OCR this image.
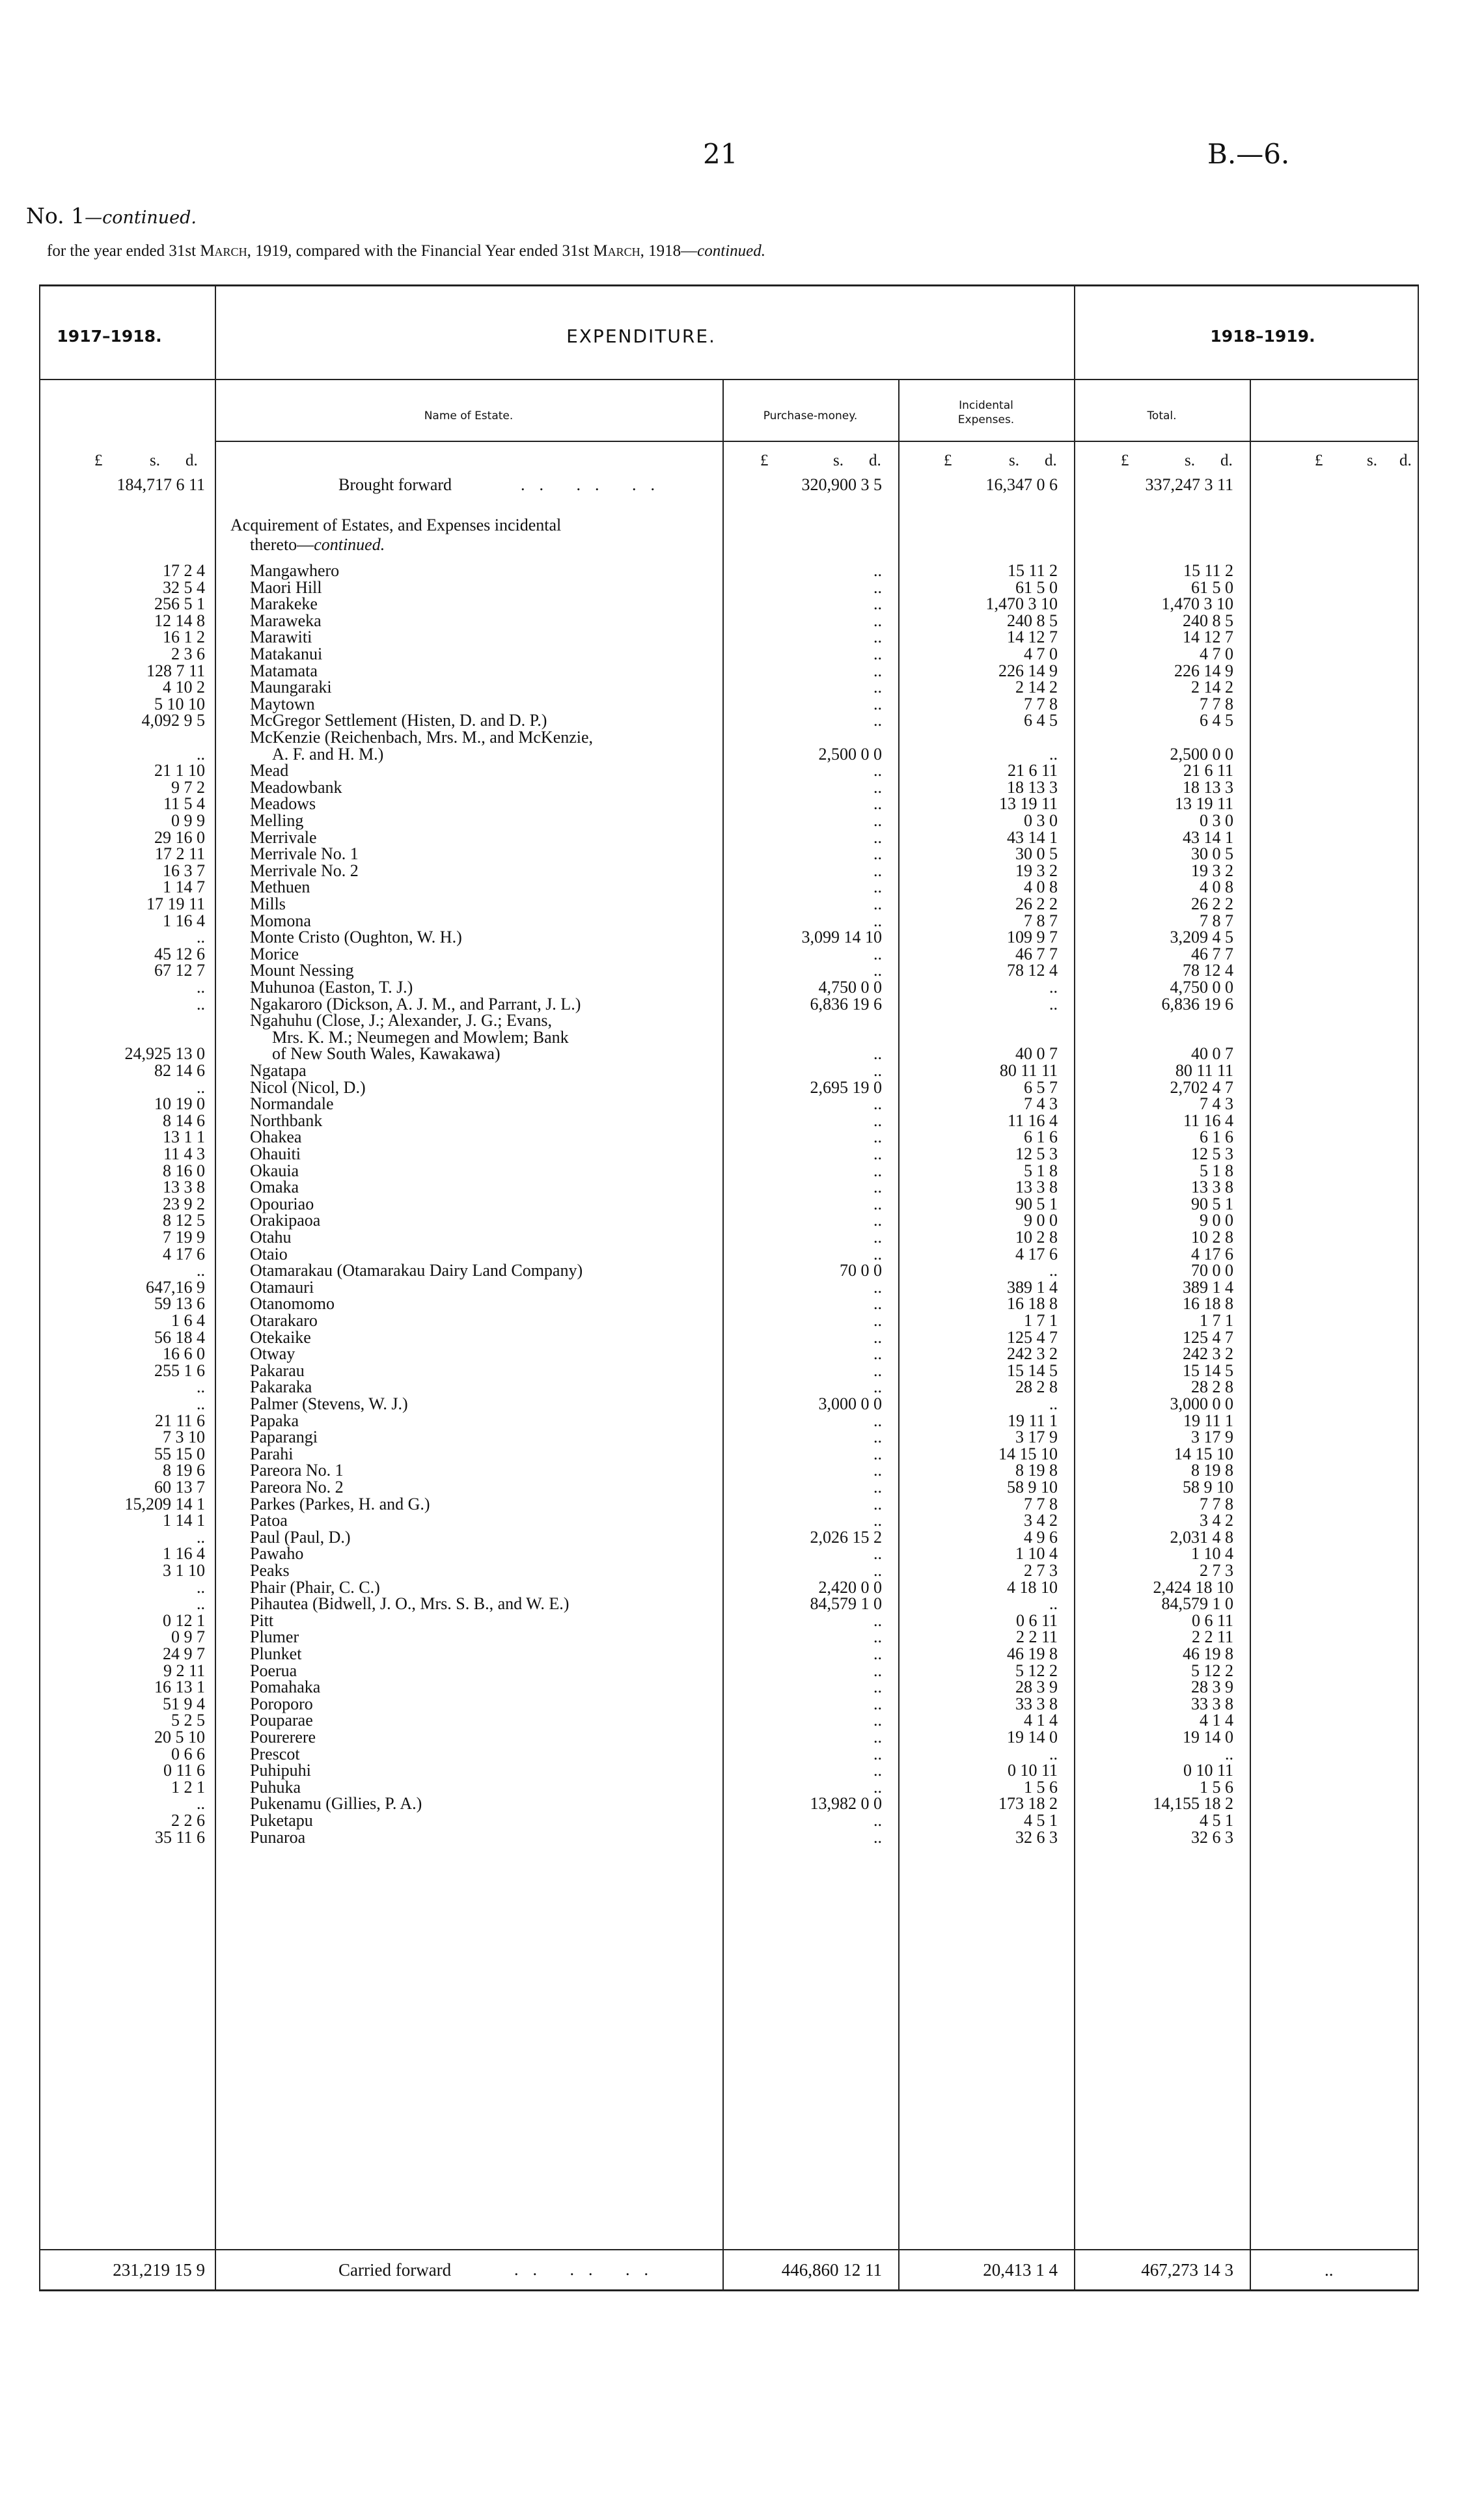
21	B.—6.
No. 1—continued.
for the year ended 31st March, 1919, compared with the Financial Year ended 31st March, 1918—continued.
1917–1918.	EXPENDITURE.	1918–1919.
Name of Estate.	Purchase-money.
Incidental
Expenses.	Total.
£	s. d.	£	s. d.	£	s. d.	£	s. d.	£	s. d.
184,717 6 11	Brought forward	.. .. ..	320,900 3 5	16,347 0 6	337,247 3 11
Acquirement of Estates, and Expenses incidental
thereto—continued.
17 2 4	Mangawhero	..	15 11 2	15 11 2
32 5 4	Maori Hill	..	61 5 0	61 5 0
256 5 1	Marakeke	..	1,470 3 10	1,470 3 10
12 14 8	Maraweka	..	240 8 5	240 8 5
16 1 2	Marawiti	..	14 12 7	14 12 7
2 3 6	Matakanui	..	4 7 0	4 7 0
128 7 11	Matamata	..	226 14 9	226 14 9
4 10 2	Maungaraki	..	2 14 2	2 14 2
5 10 10	Maytown	..	7 7 8	7 7 8
4,092 9 5	McGregor Settlement (Histen, D. and D. P.)	..	6 4 5	6 4 5
McKenzie (Reichenbach, Mrs. M., and McKenzie,
..	A. F. and H. M.)	2,500 0 0	..	2,500 0 0
21 1 10	Mead	..	21 6 11	21 6 11
9 7 2	Meadowbank	..	18 13 3	18 13 3
11 5 4	Meadows	..	13 19 11	13 19 11
0 9 9	Melling	..	0 3 0	0 3 0
29 16 0	Merrivale	..	43 14 1	43 14 1
17 2 11	Merrivale No. 1	..	30 0 5	30 0 5
16 3 7	Merrivale No. 2	..	19 3 2	19 3 2
1 14 7	Methuen	..	4 0 8	4 0 8
17 19 11	Mills	..	26 2 2	26 2 2
1 16 4	Momona	..	7 8 7	7 8 7
..	Monte Cristo (Oughton, W. H.)	3,099 14 10	109 9 7	3,209 4 5
45 12 6	Morice	..	46 7 7	46 7 7
67 12 7	Mount Nessing	..	78 12 4	78 12 4
..	Muhunoa (Easton, T. J.)	4,750 0 0	..	4,750 0 0
..	Ngakaroro (Dickson, A. J. M., and Parrant, J. L.)	6,836 19 6	..	6,836 19 6
Ngahuhu (Close, J.; Alexander, J. G.; Evans,
Mrs. K. M.; Neumegen and Mowlem; Bank
24,925 13 0	of New South Wales, Kawakawa)	..	40 0 7	40 0 7
82 14 6	Ngatapa	..	80 11 11	80 11 11
..	Nicol (Nicol, D.)	2,695 19 0	6 5 7	2,702 4 7
10 19 0	Normandale	..	7 4 3	7 4 3
8 14 6	Northbank	..	11 16 4	11 16 4
13 1 1	Ohakea	..	6 1 6	6 1 6
11 4 3	Ohauiti	..	12 5 3	12 5 3
8 16 0	Okauia	..	5 1 8	5 1 8
13 3 8	Omaka	..	13 3 8	13 3 8
23 9 2	Opouriao	..	90 5 1	90 5 1
8 12 5	Orakipaoa	..	9 0 0	9 0 0
7 19 9	Otahu	..	10 2 8	10 2 8
4 17 6	Otaio	..	4 17 6	4 17 6
..	Otamarakau (Otamarakau Dairy Land Company)	70 0 0	..	70 0 0
647,16 9	Otamauri	..	389 1 4	389 1 4
59 13 6	Otanomomo	..	16 18 8	16 18 8
1 6 4	Otarakaro	..	1 7 1	1 7 1
56 18 4	Otekaike	..	125 4 7	125 4 7
16 6 0	Otway	..	242 3 2	242 3 2
255 1 6	Pakarau	..	15 14 5	15 14 5
..	Pakaraka	..	28 2 8	28 2 8
..	Palmer (Stevens, W. J.)	3,000 0 0	..	3,000 0 0
21 11 6	Papaka	..	19 11 1	19 11 1
7 3 10	Paparangi	..	3 17 9	3 17 9
55 15 0	Parahi	..	14 15 10	14 15 10
8 19 6	Pareora No. 1	..	8 19 8	8 19 8
60 13 7	Pareora No. 2	..	58 9 10	58 9 10
15,209 14 1	Parkes (Parkes, H. and G.)	..	7 7 8	7 7 8
1 14 1	Patoa	..	3 4 2	3 4 2
..	Paul (Paul, D.)	2,026 15 2	4 9 6	2,031 4 8
1 16 4	Pawaho	..	1 10 4	1 10 4
3 1 10	Peaks	..	2 7 3	2 7 3
..	Phair (Phair, C. C.)	2,420 0 0	4 18 10	2,424 18 10
..	Pihautea (Bidwell, J. O., Mrs. S. B., and W. E.)	84,579 1 0	..	84,579 1 0
0 12 1	Pitt	..	0 6 11	0 6 11
0 9 7	Plumer	..	2 2 11	2 2 11
24 9 7	Plunket	..	46 19 8	46 19 8
9 2 11	Poerua	..	5 12 2	5 12 2
16 13 1	Pomahaka	..	28 3 9	28 3 9
51 9 4	Poroporo	..	33 3 8	33 3 8
5 2 5	Pouparae	..	4 1 4	4 1 4
20 5 10	Pourerere	..	19 14 0	19 14 0
0 6 6	Prescot	..	..	..
0 11 6	Puhipuhi	..	0 10 11	0 10 11
1 2 1	Puhuka	..	1 5 6	1 5 6
..	Pukenamu (Gillies, P. A.)	13,982 0 0	173 18 2	14,155 18 2
2 2 6	Puketapu	..	4 5 1	4 5 1
35 11 6	Punaroa	..	32 6 3	32 6 3
231,219 15 9	Carried forward	.. .. ..	446,860 12 11	20,413 1 4	467,273 14 3	..
